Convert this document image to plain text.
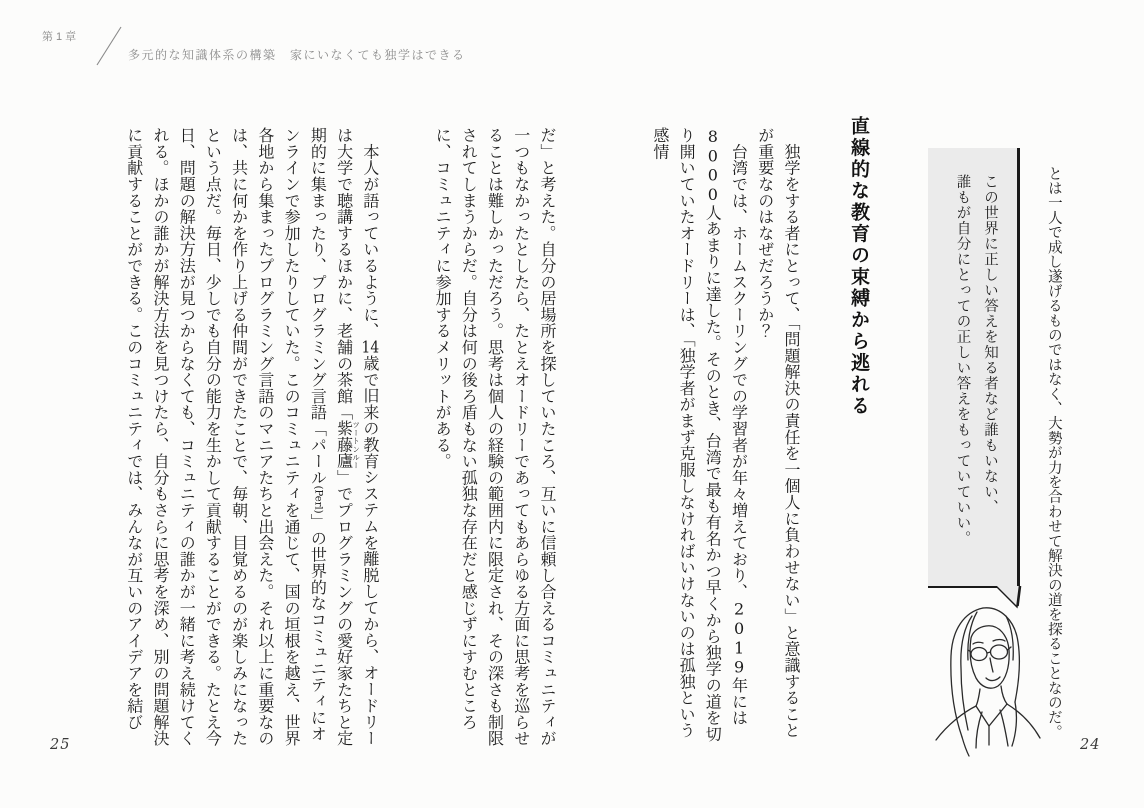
第1章
多元的な知識体系の構築　家にいなくても独学はできる
とは一人で成し遂げるものではなく、大勢が力を合わせて解決の道を探ることなのだ。

この世界に正しい答えを知る者など誰もいない、

誰もが自分にとっての正しい答えをもっていていい。

直線的な教育の束縛から逃れる

　独学をする者にとって、「問題解決の責任を一個人に負わせない」と意識することが重要なのはなぜだろうか？

　台湾では、ホームスクーリングでの学習者が年々増えており、2019年には8000人あまりに達した。そのとき、台湾で最も有名かつ早くから独学の道を切り開いていたオードリーは、「独学者がまず克服しなければいけないのは孤独という感情

だ」と考えた。自分の居場所を探していたころ、互いに信頼し合えるコミュニティが一つもなかったとしたら、たとえオードリーであってもあらゆる方面に思考を巡らせることは難しかっただろう。思考は個人の経験の範囲内に限定され、その深さも制限されてしまうからだ。自分は何の後ろ盾もない孤独な存在だと感じずにすむところに、コミュニティに参加するメリットがある。

　本人が語っているように、14歳で旧来の教育システムを離脱してから、オードリーは大学で聴講するほかに、老舗の茶館「紫藤廬ツートンルー」でプログラミングの愛好家たちと定期的に集まったり、プログラミング言語「パール(Perl)」の世界的なコミュニティにオンラインで参加したりしていた。このコミュニティを通じて、国の垣根を越え、世界各地から集まったプログラミング言語のマニアたちと出会えた。それ以上に重要なのは、共に何かを作り上げる仲間ができたことで、毎朝、目覚めるのが楽しみになったという点だ。毎日、少しでも自分の能力を生かして貢献することができる。たとえ今日、問題の解決方法が見つからなくても、コミュニティの誰かが一緒に考え続けてくれる。ほかの誰かが解決方法を見つけたら、自分もさらに思考を深め、別の問題解決に貢献することができる。このコミュニティでは、みんなが互いのアイデアを結び

25	24
